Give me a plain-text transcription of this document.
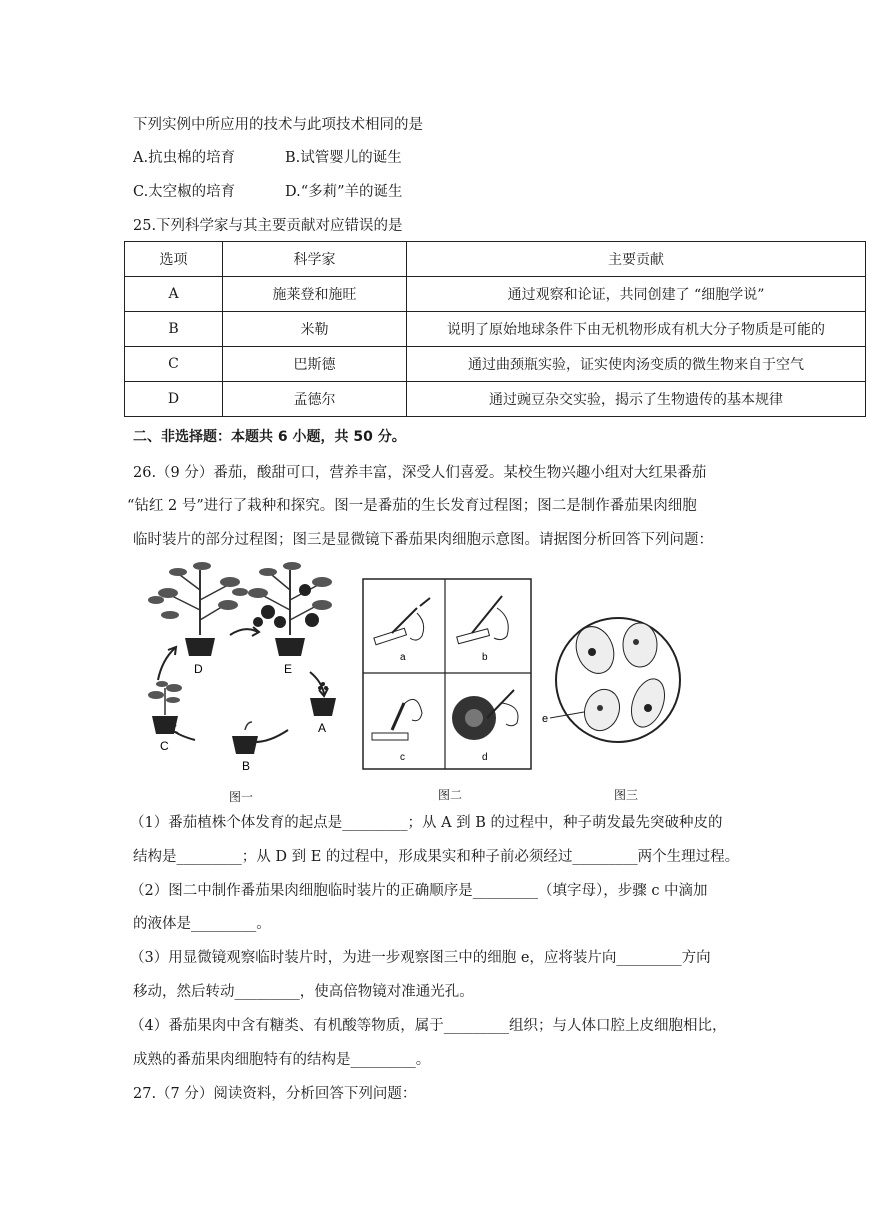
下列实例中所应用的技术与此项技术相同的是
A.抗虫棉的培育	B.试管婴儿的诞生
C.太空椒的培育	D.“多莉”羊的诞生
25.下列科学家与其主要贡献对应错误的是
选项	科学家	主要贡献
A	施莱登和施旺	通过观察和论证，共同创建了 “细胞学说”
B	米勒	说明了原始地球条件下由无机物形成有机大分子物质是可能的
C	巴斯德	通过曲颈瓶实验，证实使肉汤变质的微生物来自于空气
D	孟德尔	通过豌豆杂交实验，揭示了生物遗传的基本规律
二、非选择题：本题共 6 小题，共 50 分。
26.（9 分）番茄，酸甜可口，营养丰富，深受人们喜爱。某校生物兴趣小组对大红果番茄
“钻红 2 号”进行了栽种和探究。图一是番茄的生长发育过程图；图二是制作番茄果肉细胞
临时装片的部分过程图；图三是显微镜下番茄果肉细胞示意图。请据图分析回答下列问题：
D	E
A
B
C
图一
a	b
c	d
图二
e
图三
（1）番茄植株个体发育的起点是_________；从 A 到 B 的过程中，种子萌发最先突破种皮的
结构是_________；从 D 到 E 的过程中，形成果实和种子前必须经过_________两个生理过程。
（2）图二中制作番茄果肉细胞临时装片的正确顺序是_________（填字母），步骤 c 中滴加
的液体是_________。
（3）用显微镜观察临时装片时，为进一步观察图三中的细胞 e，应将装片向_________方向
移动，然后转动_________，使高倍物镜对准通光孔。
（4）番茄果肉中含有糖类、有机酸等物质，属于_________组织；与人体口腔上皮细胞相比，
成熟的番茄果肉细胞特有的结构是_________。
27.（7 分）阅读资料，分析回答下列问题：
